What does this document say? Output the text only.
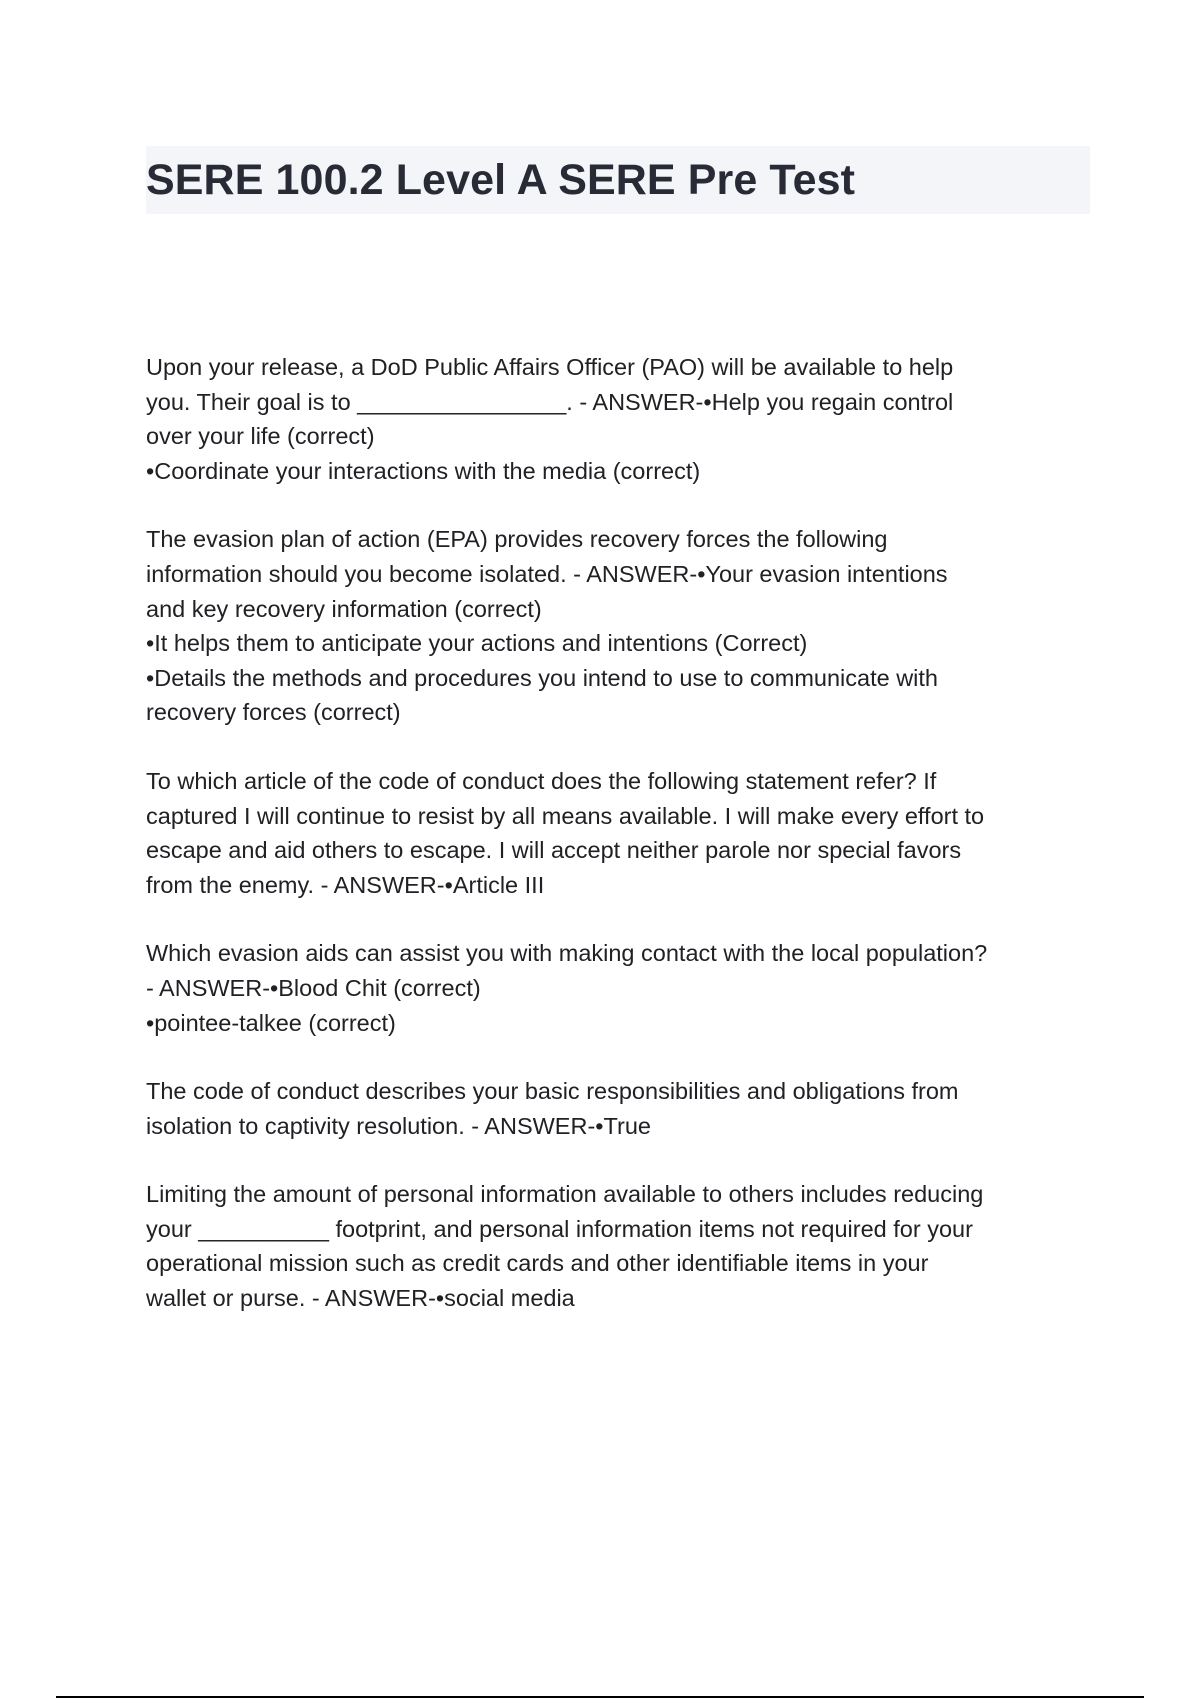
SERE 100.2 Level A SERE Pre Test
Upon your release, a DoD Public Affairs Officer (PAO) will be available to help
you. Their goal is to ________________. - ANSWER-•Help you regain control
over your life (correct)
•Coordinate your interactions with the media (correct)
The evasion plan of action (EPA) provides recovery forces the following
information should you become isolated. - ANSWER-•Your evasion intentions
and key recovery information (correct)
•It helps them to anticipate your actions and intentions (Correct)
•Details the methods and procedures you intend to use to communicate with
recovery forces (correct)
To which article of the code of conduct does the following statement refer? If
captured I will continue to resist by all means available. I will make every effort to
escape and aid others to escape. I will accept neither parole nor special favors
from the enemy. - ANSWER-•Article III
Which evasion aids can assist you with making contact with the local population?
- ANSWER-•Blood Chit (correct)
•pointee-talkee (correct)
The code of conduct describes your basic responsibilities and obligations from
isolation to captivity resolution. - ANSWER-•True
Limiting the amount of personal information available to others includes reducing
your __________ footprint, and personal information items not required for your
operational mission such as credit cards and other identifiable items in your
wallet or purse. - ANSWER-•social media
